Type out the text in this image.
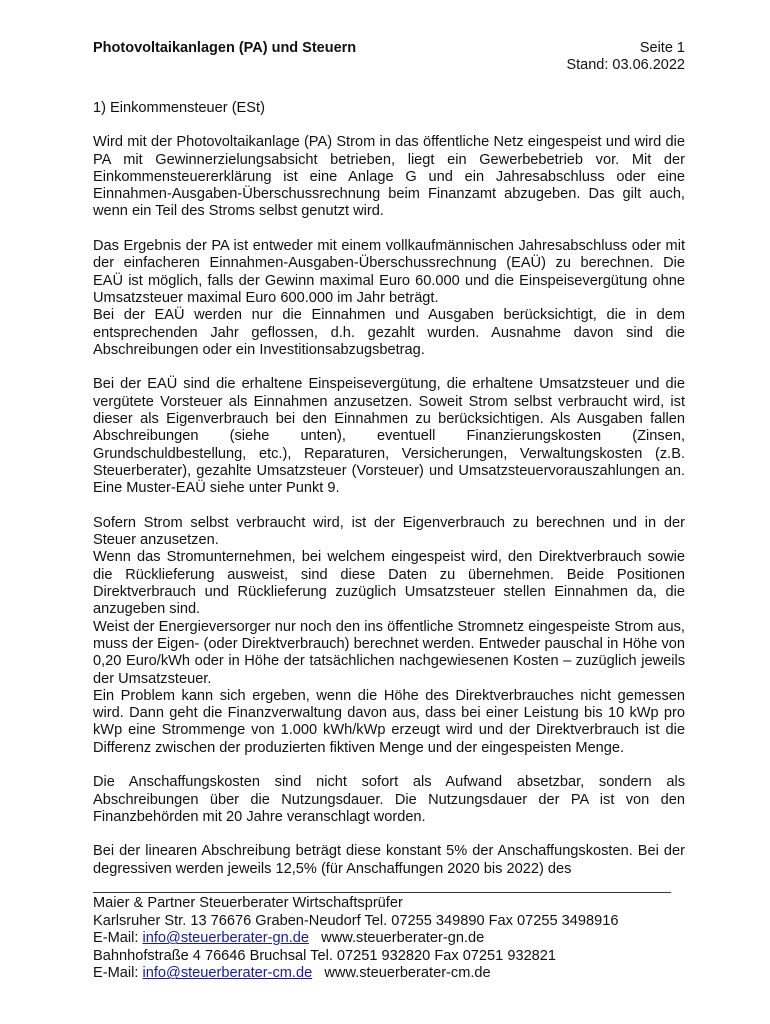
Photovoltaikanlagen (PA) und Steuern	Seite 1
Stand: 03.06.2022
1) Einkommensteuer (ESt)

Wird mit der Photovoltaikanlage (PA) Strom in das öffentliche Netz eingespeist und wird die PA mit Gewinnerzielungsabsicht betrieben, liegt ein Gewerbebetrieb vor. Mit der Einkommensteuererklärung ist eine Anlage G und ein Jahresabschluss oder eine Einnahmen-Ausgaben-Überschussrechnung beim Finanzamt abzugeben. Das gilt auch, wenn ein Teil des Stroms selbst genutzt wird.

Das Ergebnis der PA ist entweder mit einem vollkaufmännischen Jahresabschluss oder mit der einfacheren Einnahmen-Ausgaben-Überschussrechnung (EAÜ) zu berechnen. Die EAÜ ist möglich, falls der Gewinn maximal Euro 60.000 und die Einspeisevergütung ohne Umsatzsteuer maximal Euro 600.000 im Jahr beträgt.
Bei der EAÜ werden nur die Einnahmen und Ausgaben berücksichtigt, die in dem entsprechenden Jahr geflossen, d.h. gezahlt wurden. Ausnahme davon sind die Abschreibungen oder ein Investitionsabzugsbetrag.

Bei der EAÜ sind die erhaltene Einspeisevergütung, die erhaltene Umsatzsteuer und die vergütete Vorsteuer als Einnahmen anzusetzen. Soweit Strom selbst verbraucht wird, ist dieser als Eigenverbrauch bei den Einnahmen zu berücksichtigen. Als Ausgaben fallen Abschreibungen (siehe unten), eventuell Finanzierungskosten (Zinsen, Grundschuldbestellung, etc.), Reparaturen, Versicherungen, Verwaltungskosten (z.B. Steuerberater), gezahlte Umsatzsteuer (Vorsteuer) und Umsatzsteuervorauszahlungen an. Eine Muster-EAÜ siehe unter Punkt 9.

Sofern Strom selbst verbraucht wird, ist der Eigenverbrauch zu berechnen und in der Steuer anzusetzen.
Wenn das Stromunternehmen, bei welchem eingespeist wird, den Direktverbrauch sowie die Rücklieferung ausweist, sind diese Daten zu übernehmen. Beide Positionen Direktverbrauch und Rücklieferung zuzüglich Umsatzsteuer stellen Einnahmen da, die anzugeben sind.
Weist der Energieversorger nur noch den ins öffentliche Stromnetz eingespeiste Strom aus, muss der Eigen- (oder Direktverbrauch) berechnet werden. Entweder pauschal in Höhe von 0,20 Euro/kWh oder in Höhe der tatsächlichen nachgewiesenen Kosten – zuzüglich jeweils der Umsatzsteuer.
Ein Problem kann sich ergeben, wenn die Höhe des Direktverbrauches nicht gemessen wird. Dann geht die Finanzverwaltung davon aus, dass bei einer Leistung bis 10 kWp pro kWp eine Strommenge von 1.000 kWh/kWp erzeugt wird und der Direktverbrauch ist die Differenz zwischen der produzierten fiktiven Menge und der eingespeisten Menge.

Die Anschaffungskosten sind nicht sofort als Aufwand absetzbar, sondern als Abschreibungen über die Nutzungsdauer. Die Nutzungsdauer der PA ist von den Finanzbehörden mit 20 Jahre veranschlagt worden.

Bei der linearen Abschreibung beträgt diese konstant 5% der Anschaffungskosten. Bei der degressiven werden jeweils 12,5% (für Anschaffungen 2020 bis 2022) des

Maier & Partner Steuerberater Wirtschaftsprüfer
Karlsruher Str. 13 76676 Graben-Neudorf Tel. 07255 349890 Fax 07255 3498916
E-Mail: info@steuerberater-gn.de www.steuerberater-gn.de
Bahnhofstraße 4 76646 Bruchsal Tel. 07251 932820 Fax 07251 932821
E-Mail: info@steuerberater-cm.de www.steuerberater-cm.de
